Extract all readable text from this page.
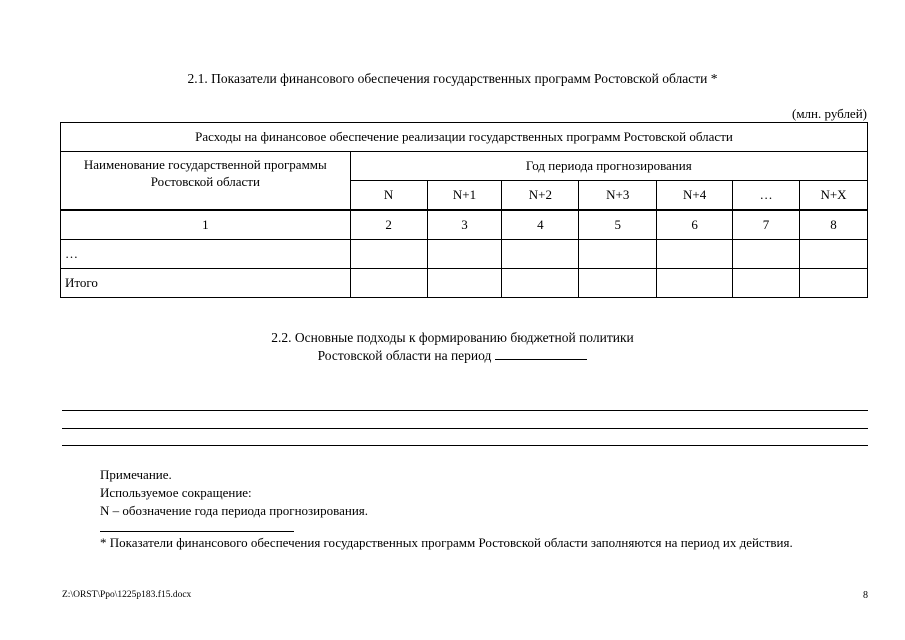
2.1. Показатели финансового обеспечения государственных программ Ростовской области *
(млн. рублей)
Расходы на финансовое обеспечение реализации государственных программ Ростовской области							
Наименование государственной программы Ростовской области	Год периода прогнозирования						
	N	N+1	N+2	N+3	N+4	…	N+X
1	2	3	4	5	6	7	8
…							
Итого							
2.2. Основные подходы к формированию бюджетной политики
Ростовской области на период
Примечание.
Используемое сокращение:
N – обозначение года периода прогнозирования.
* Показатели финансового обеспечения государственных программ Ростовской области заполняются на период их действия.
Z:\ORST\Ppo\1225p183.f15.docx	8
